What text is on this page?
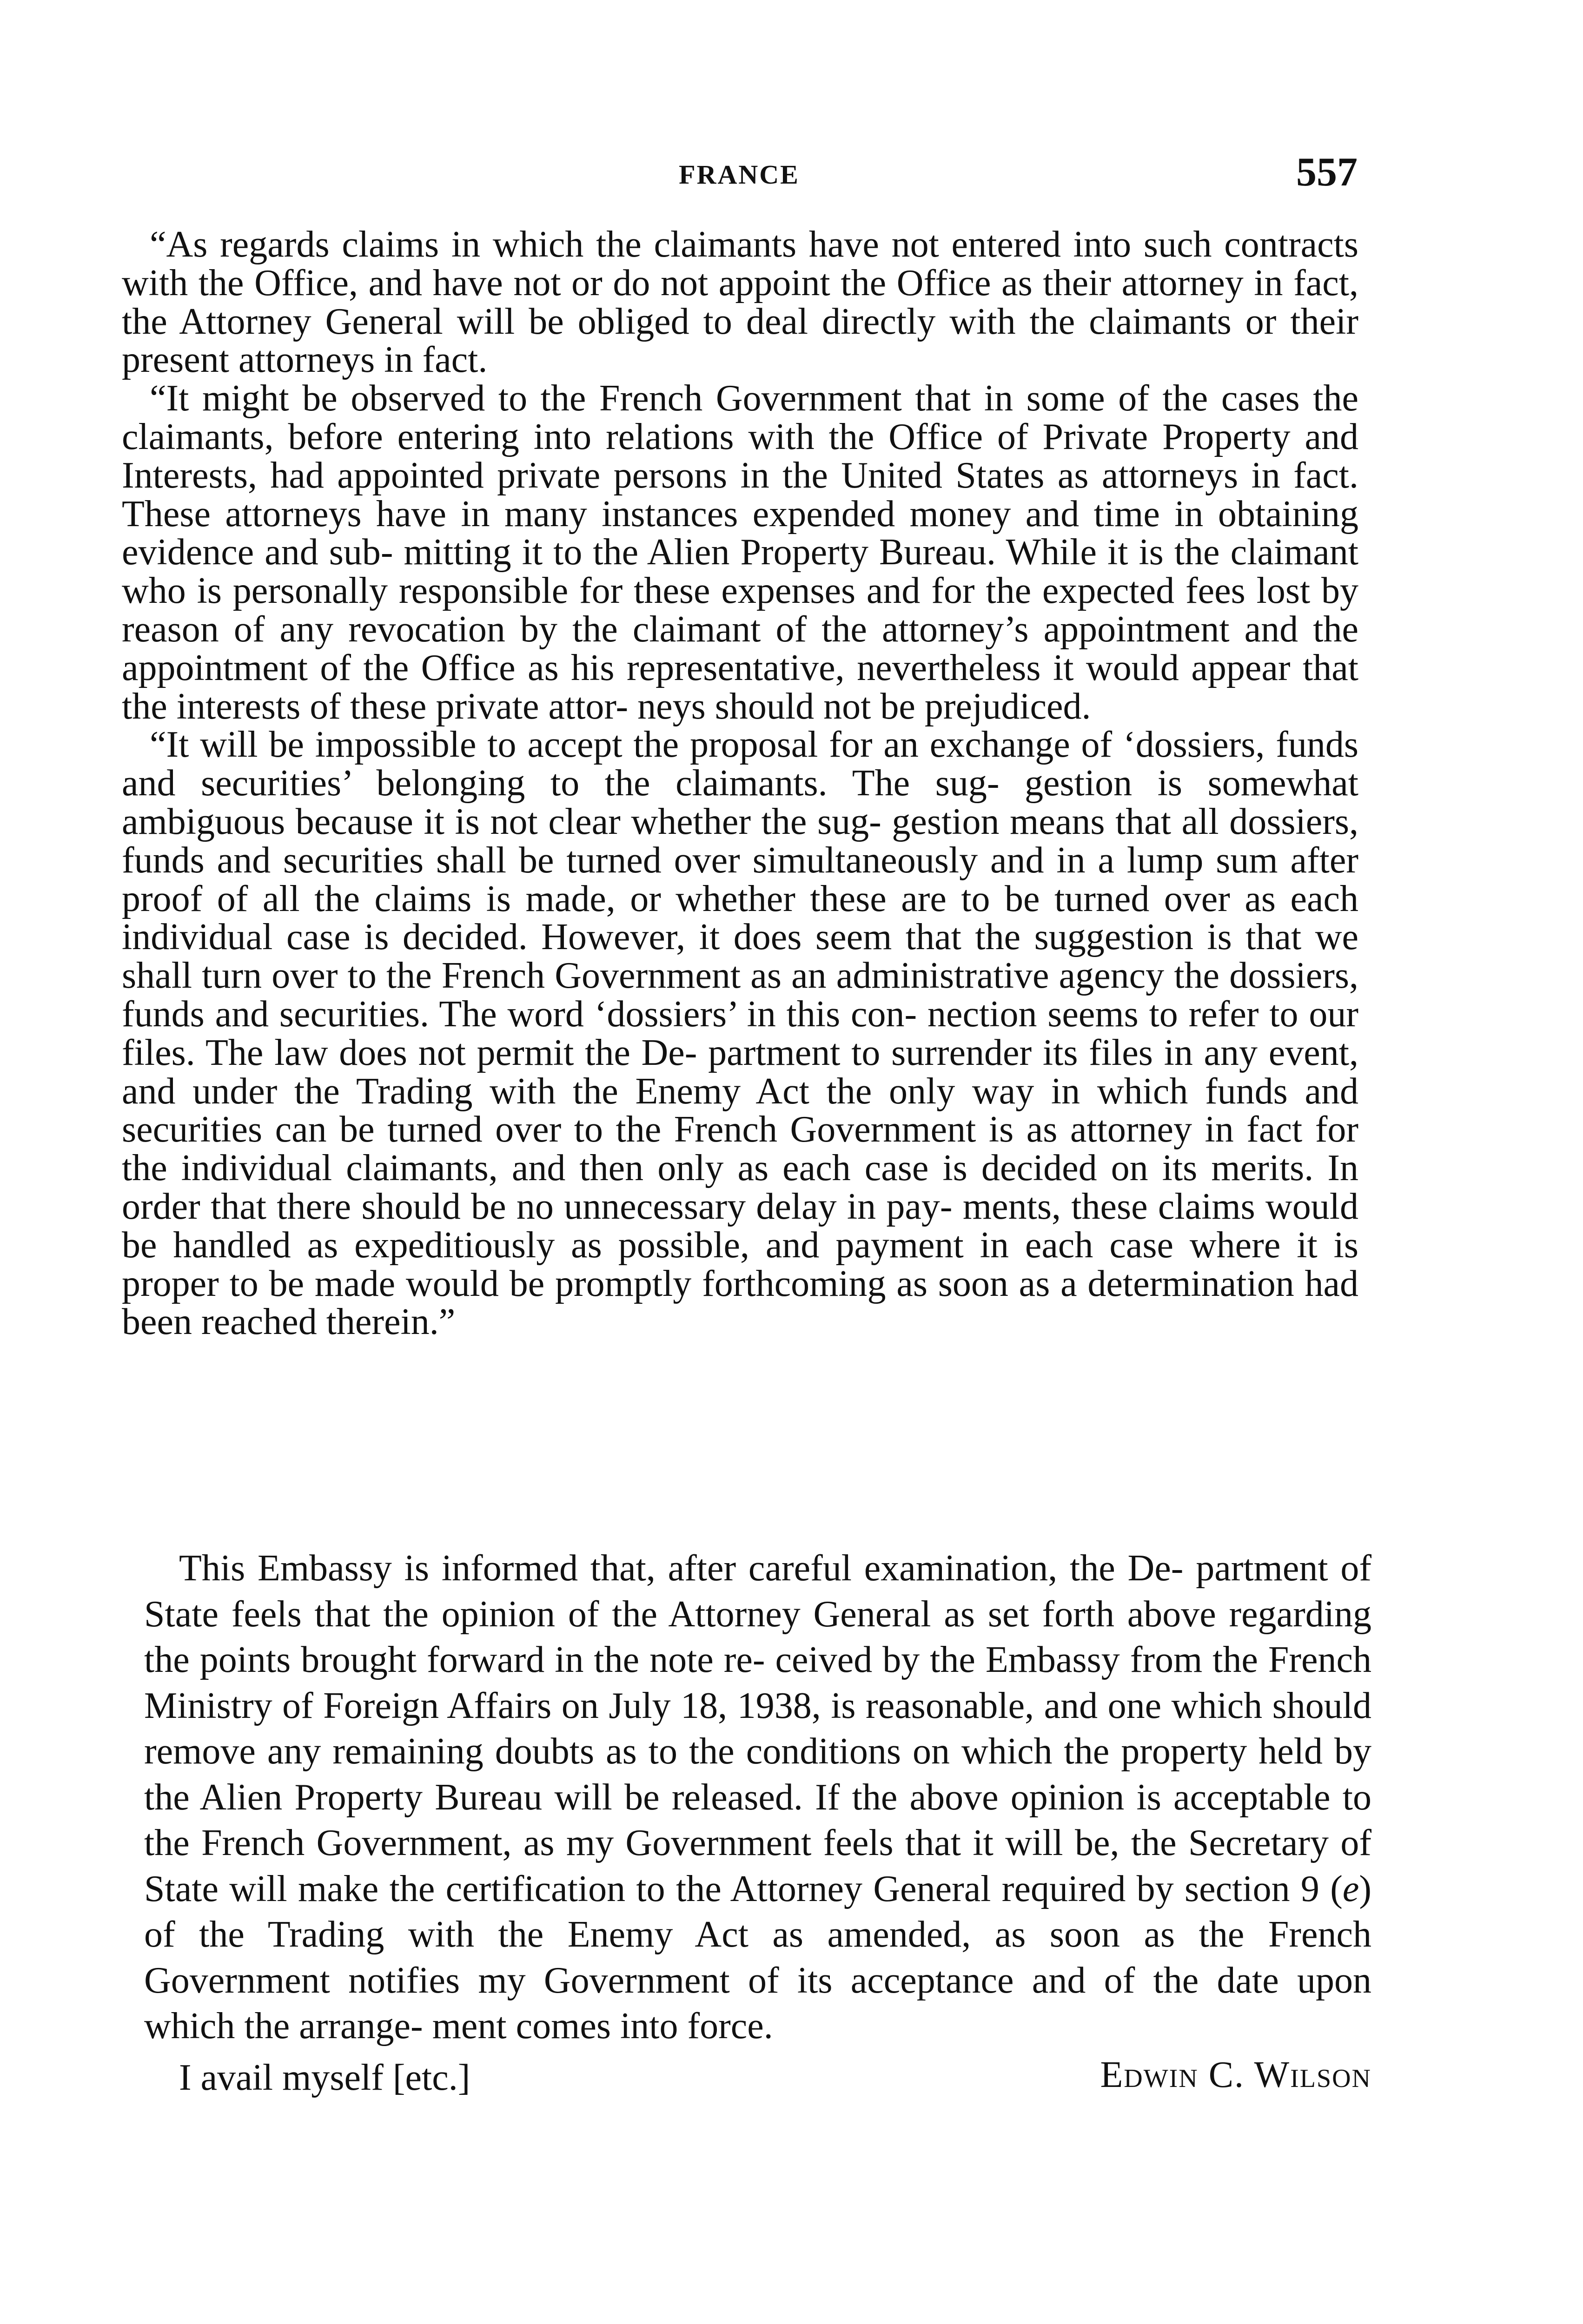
FRANCE	557

“As regards claims in which the claimants have not entered into such contracts with the Office, and have not or do not appoint the Office as their attorney in fact, the Attorney General will be obliged to deal directly with the claimants or their present attorneys in fact.

“It might be observed to the French Government that in some of the cases the claimants, before entering into relations with the Office of Private Property and Interests, had appointed private persons in the United States as attorneys in fact. These attorneys have in many instances expended money and time in obtaining evidence and sub- mitting it to the Alien Property Bureau. While it is the claimant who is personally responsible for these expenses and for the expected fees lost by reason of any revocation by the claimant of the attorney’s appointment and the appointment of the Office as his representative, nevertheless it would appear that the interests of these private attor- neys should not be prejudiced.

“It will be impossible to accept the proposal for an exchange of ‘dossiers, funds and securities’ belonging to the claimants. The sug- gestion is somewhat ambiguous because it is not clear whether the sug- gestion means that all dossiers, funds and securities shall be turned over simultaneously and in a lump sum after proof of all the claims is made, or whether these are to be turned over as each individual case is decided. However, it does seem that the suggestion is that we shall turn over to the French Government as an administrative agency the dossiers, funds and securities. The word ‘dossiers’ in this con- nection seems to refer to our files. The law does not permit the De- partment to surrender its files in any event, and under the Trading with the Enemy Act the only way in which funds and securities can be turned over to the French Government is as attorney in fact for the individual claimants, and then only as each case is decided on its merits. In order that there should be no unnecessary delay in pay- ments, these claims would be handled as expeditiously as possible, and payment in each case where it is proper to be made would be promptly forthcoming as soon as a determination had been reached therein.”

This Embassy is informed that, after careful examination, the De- partment of State feels that the opinion of the Attorney General as set forth above regarding the points brought forward in the note re- ceived by the Embassy from the French Ministry of Foreign Affairs on July 18, 1938, is reasonable, and one which should remove any remaining doubts as to the conditions on which the property held by the Alien Property Bureau will be released. If the above opinion is acceptable to the French Government, as my Government feels that it will be, the Secretary of State will make the certification to the Attorney General required by section 9 (e) of the Trading with the Enemy Act as amended, as soon as the French Government notifies my Government of its acceptance and of the date upon which the arrange- ment comes into force.

I avail myself [etc.]	Edwin C. Wilson
